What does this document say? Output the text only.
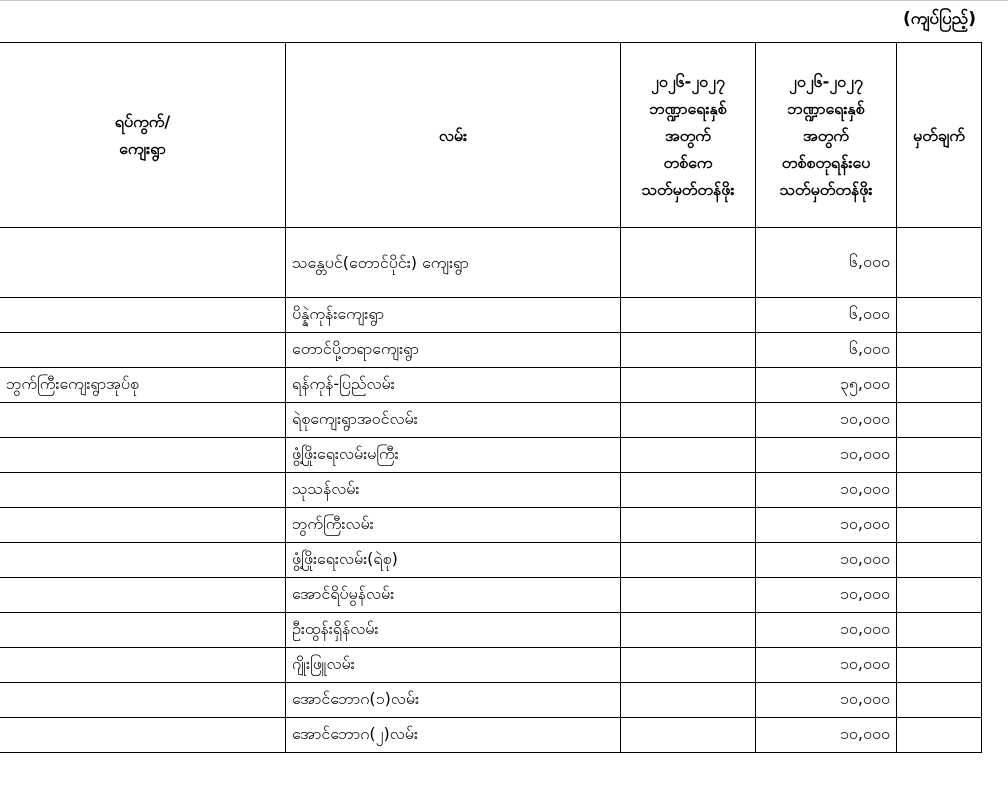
(ကျပ်ပြည့်)
ရပ်ကွက်/
ကျေးရွာ	လမ်း	၂၀၂၆-၂၀၂၇
ဘဏ္ဍာရေးနှစ်
အတွက်
တစ်ကေ
သတ်မှတ်တန်ဖိုး	၂၀၂၆-၂၀၂၇
ဘဏ္ဍာရေးနှစ်
အတွက်
တစ်စတုရန်းပေ
သတ်မှတ်တန်ဖိုး	မှတ်ချက်
	သန္တေပင်(တောင်ပိုင်း) ကျေးရွာ		၆,၀၀၀	
	ပိန္နဲကုန်းကျေးရွာ		၆,၀၀၀	
	တောင်ပို့တရာကျေးရွာ		၆,၀၀၀	
ဘွက်ကြီးကျေးရွာအုပ်စု	ရန်ကုန်-ပြည်လမ်း		၃၅,၀၀၀	
	ရဲစုကျေးရွာအဝင်လမ်း		၁၀,၀၀၀	
	ဖွံ့ဖြိုးရေးလမ်းမကြီး		၁၀,၀၀၀	
	သုသန်လမ်း		၁၀,၀၀၀	
	ဘွက်ကြီးလမ်း		၁၀,၀၀၀	
	ဖွံ့ဖြိုးရေးလမ်း(ရဲစု)		၁၀,၀၀၀	
	အောင်ရိပ်မွန်လမ်း		၁၀,၀၀၀	
	ဦးထွန်းရှိန်လမ်း		၁၀,၀၀၀	
	ဂျိုးဖြူလမ်း		၁၀,၀၀၀	
	အောင်ဘောဂ(၁)လမ်း		၁၀,၀၀၀	
	အောင်ဘောဂ(၂)လမ်း		၁၀,၀၀၀	
